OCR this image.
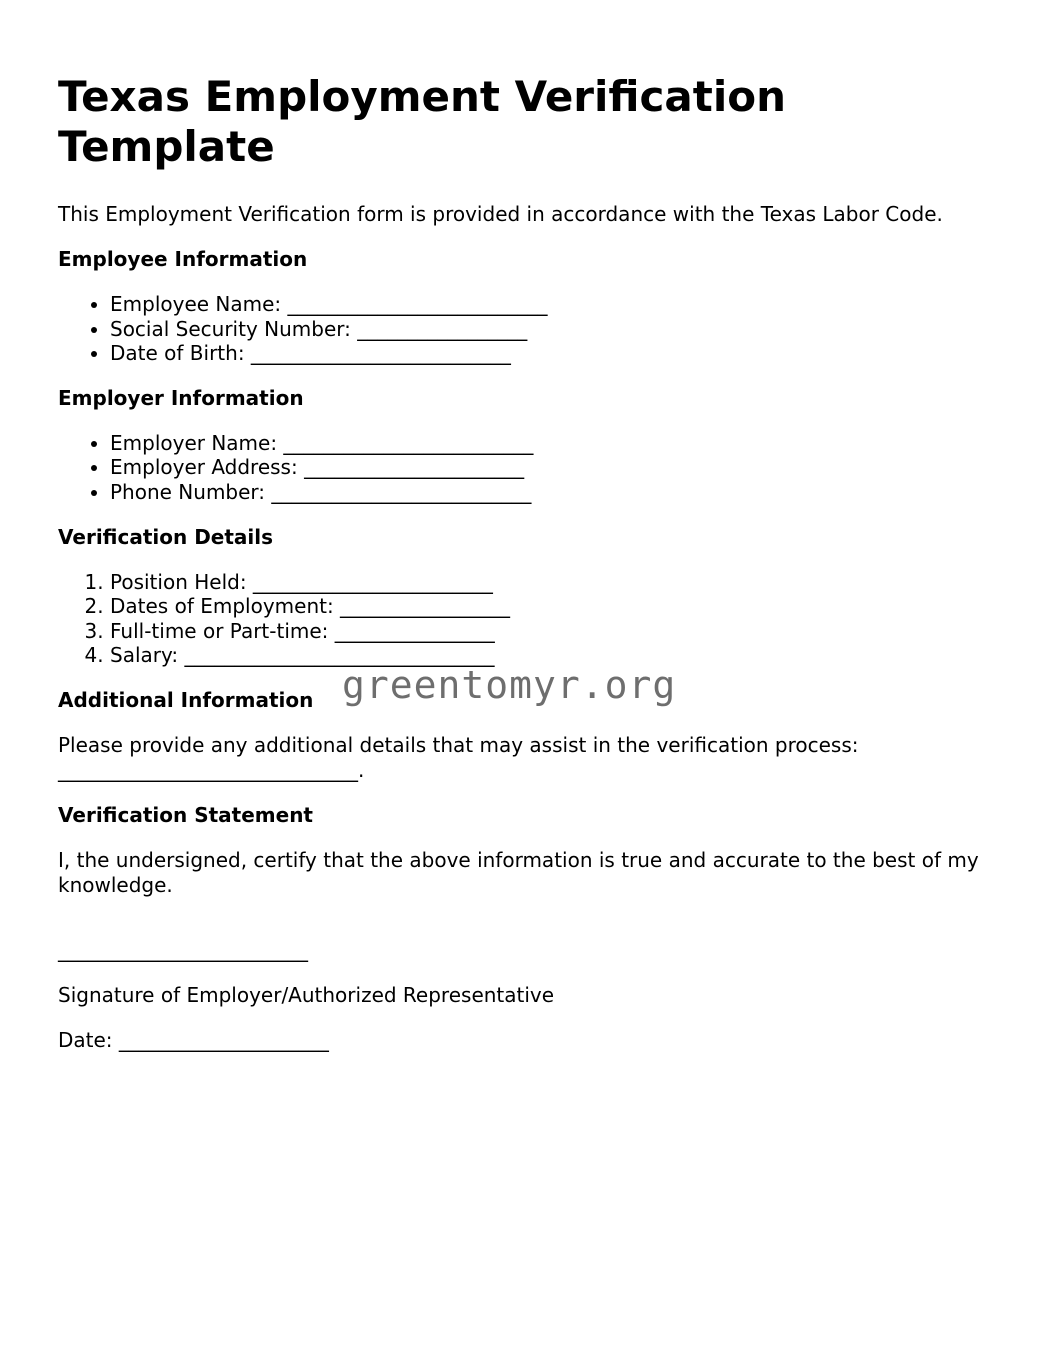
Texas Employment Verification Template

This Employment Verification form is provided in accordance with the Texas Labor Code.

Employee Information
• Employee Name: __________________________
• Social Security Number: _________________
• Date of Birth: __________________________
Employer Information
• Employer Name: _________________________
• Employer Address: ______________________
• Phone Number: __________________________
Verification Details
1. Position Held: ________________________
2. Dates of Employment: _________________
3. Full-time or Part-time: ________________
4. Salary: _______________________________
Additional Information

Please provide any additional details that may assist in the verification process: ______________________________.

Verification Statement

I, the undersigned, certify that the above information is true and accurate to the best of my knowledge.

_________________________

Signature of Employer/Authorized Representative

Date: _____________________

greentomyr.org
